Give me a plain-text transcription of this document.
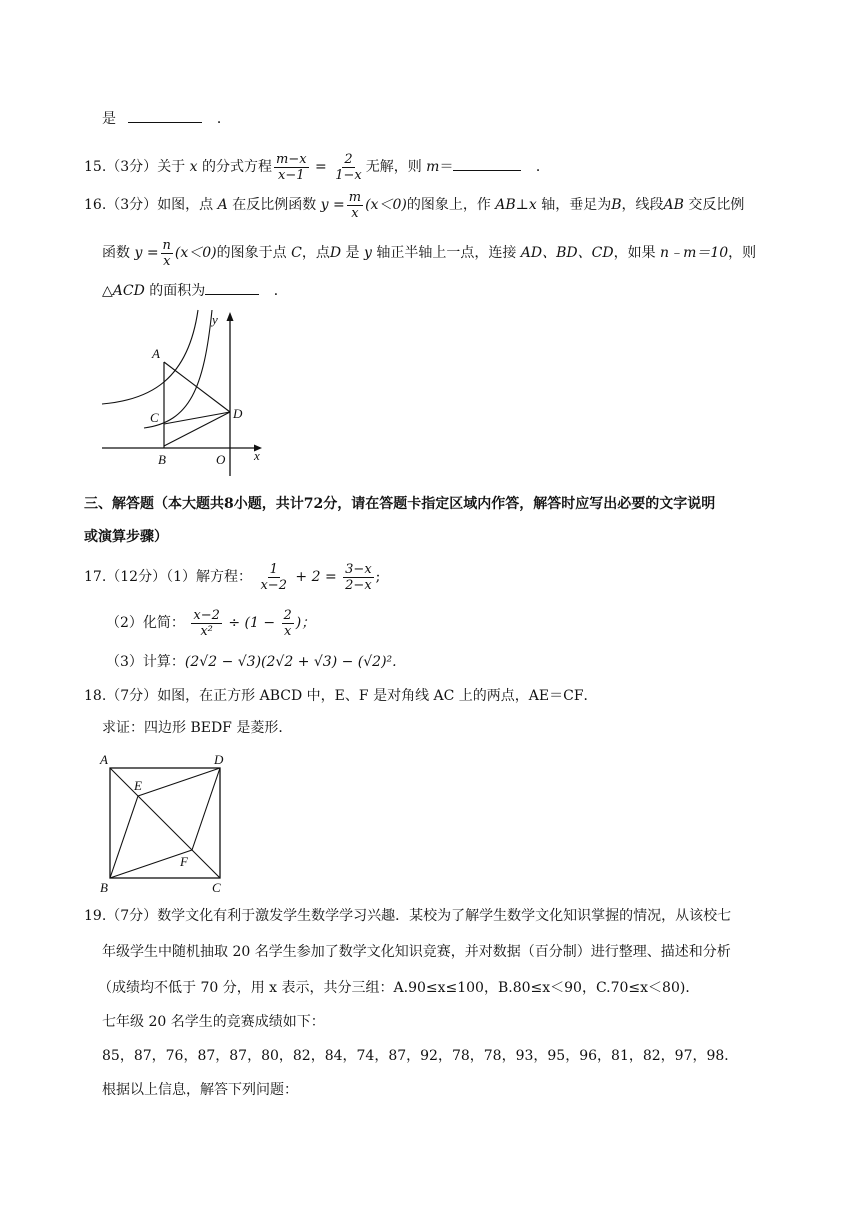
是	．
15.（3分）关于 x 的分式方程 $\frac{m-x}{x-1} = \frac{2}{1-x}$ 无解，则 m＝	．
16.（3分）如图，点 A 在反比例函数 $y = \frac{m}{x} (x<0)$的图象上，作 AB⊥x 轴，垂足为B，线段AB 交反比例
函数 $y = \frac{n}{x} (x<0)$的图象于点 C，点D 是 y 轴正半轴上一点，连接 AD、BD、CD，如果 n﹣m＝10，则
△ACD 的面积为	．
y
x
A
C	D
B	O
三、解答题（本大题共8小题，共计72分，请在答题卡指定区域内作答，解答时应写出必要的文字说明
或演算步骤）
17.（12分）（1）解方程： $\frac{1}{x-2} + 2 = \frac{3-x}{2-x}$ ;
（2）化简： $\frac{x-2}{\text{x²}} \div (1 - \frac{2}{x}$ )；
（3）计算：(2√2 − √3)(2√2 + √3) − (√2)².
18.（7分）如图，在正方形 ABCD 中，E、F 是对角线 AC 上的两点，AE＝CF．
求证：四边形 BEDF 是菱形．
A	D
E
F
B	C
19.（7分）数学文化有利于激发学生数学学习兴趣．某校为了解学生数学文化知识掌握的情况，从该校七
年级学生中随机抽取 20 名学生参加了数学文化知识竞赛，并对数据（百分制）进行整理、描述和分析
（成绩均不低于 70 分，用 x 表示，共分三组：A.90≤x≤100，B.80≤x＜90，C.70≤x＜80)．
七年级 20 名学生的竞赛成绩如下：
85，87，76，87，87，80，82，84，74，87，92，78，78，93，95，96，81，82，97，98．
根据以上信息，解答下列问题：
